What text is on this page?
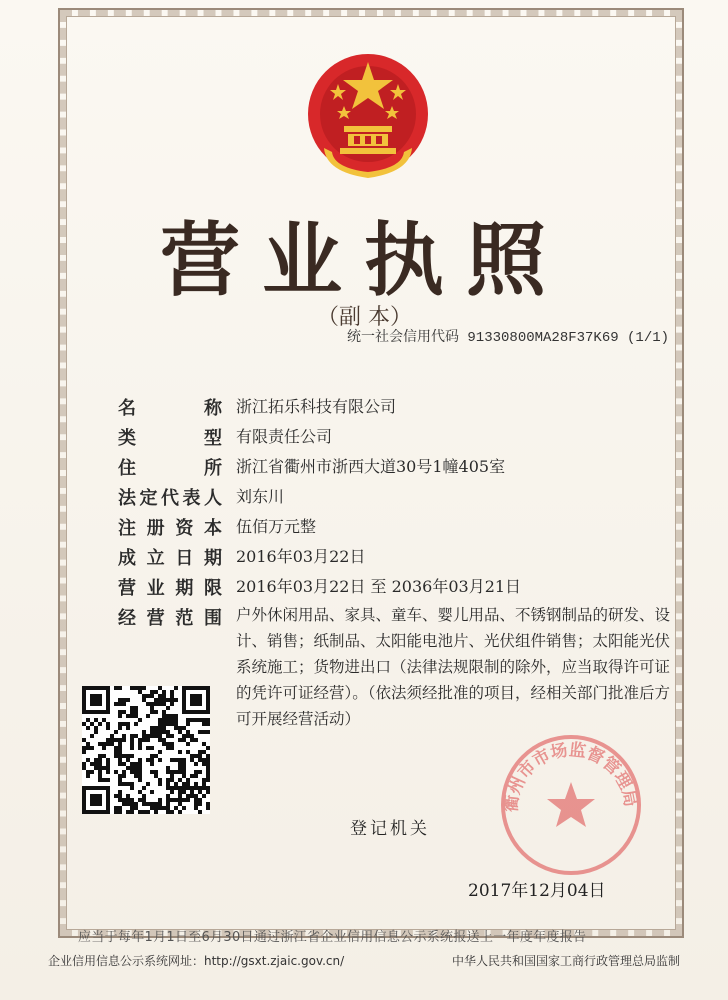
营业执照
（副 本）
统一社会信用代码 91330800MA28F37K69 (1/1)
名	称 浙江拓乐科技有限公司
类	型 有限责任公司
住	所 浙江省衢州市浙西大道30号1幢405室
法 定 代 表 人 刘东川
注 册 资 本 伍佰万元整
成 立 日 期 2016年03月22日
营 业 期 限 2016年03月22日 至 2036年03月21日
经 营 范 围 户外休闲用品、家具、童车、婴儿用品、不锈钢制品的研发、设
计、销售；纸制品、太阳能电池片、光伏组件销售；太阳能光伏
系统施工；货物进出口（法律法规限制的除外，应当取得许可证
的凭许可证经营）。（依法须经批准的项目，经相关部门批准后方
可开展经营活动）
登记机关
2017年12月04日
衢州市市场监督管理局
应当于每年1月1日至6月30日通过浙江省企业信用信息公示系统报送上一年度年度报告
企业信用信息公示系统网址：http://gsxt.zjaic.gov.cn/	中华人民共和国国家工商行政管理总局监制
